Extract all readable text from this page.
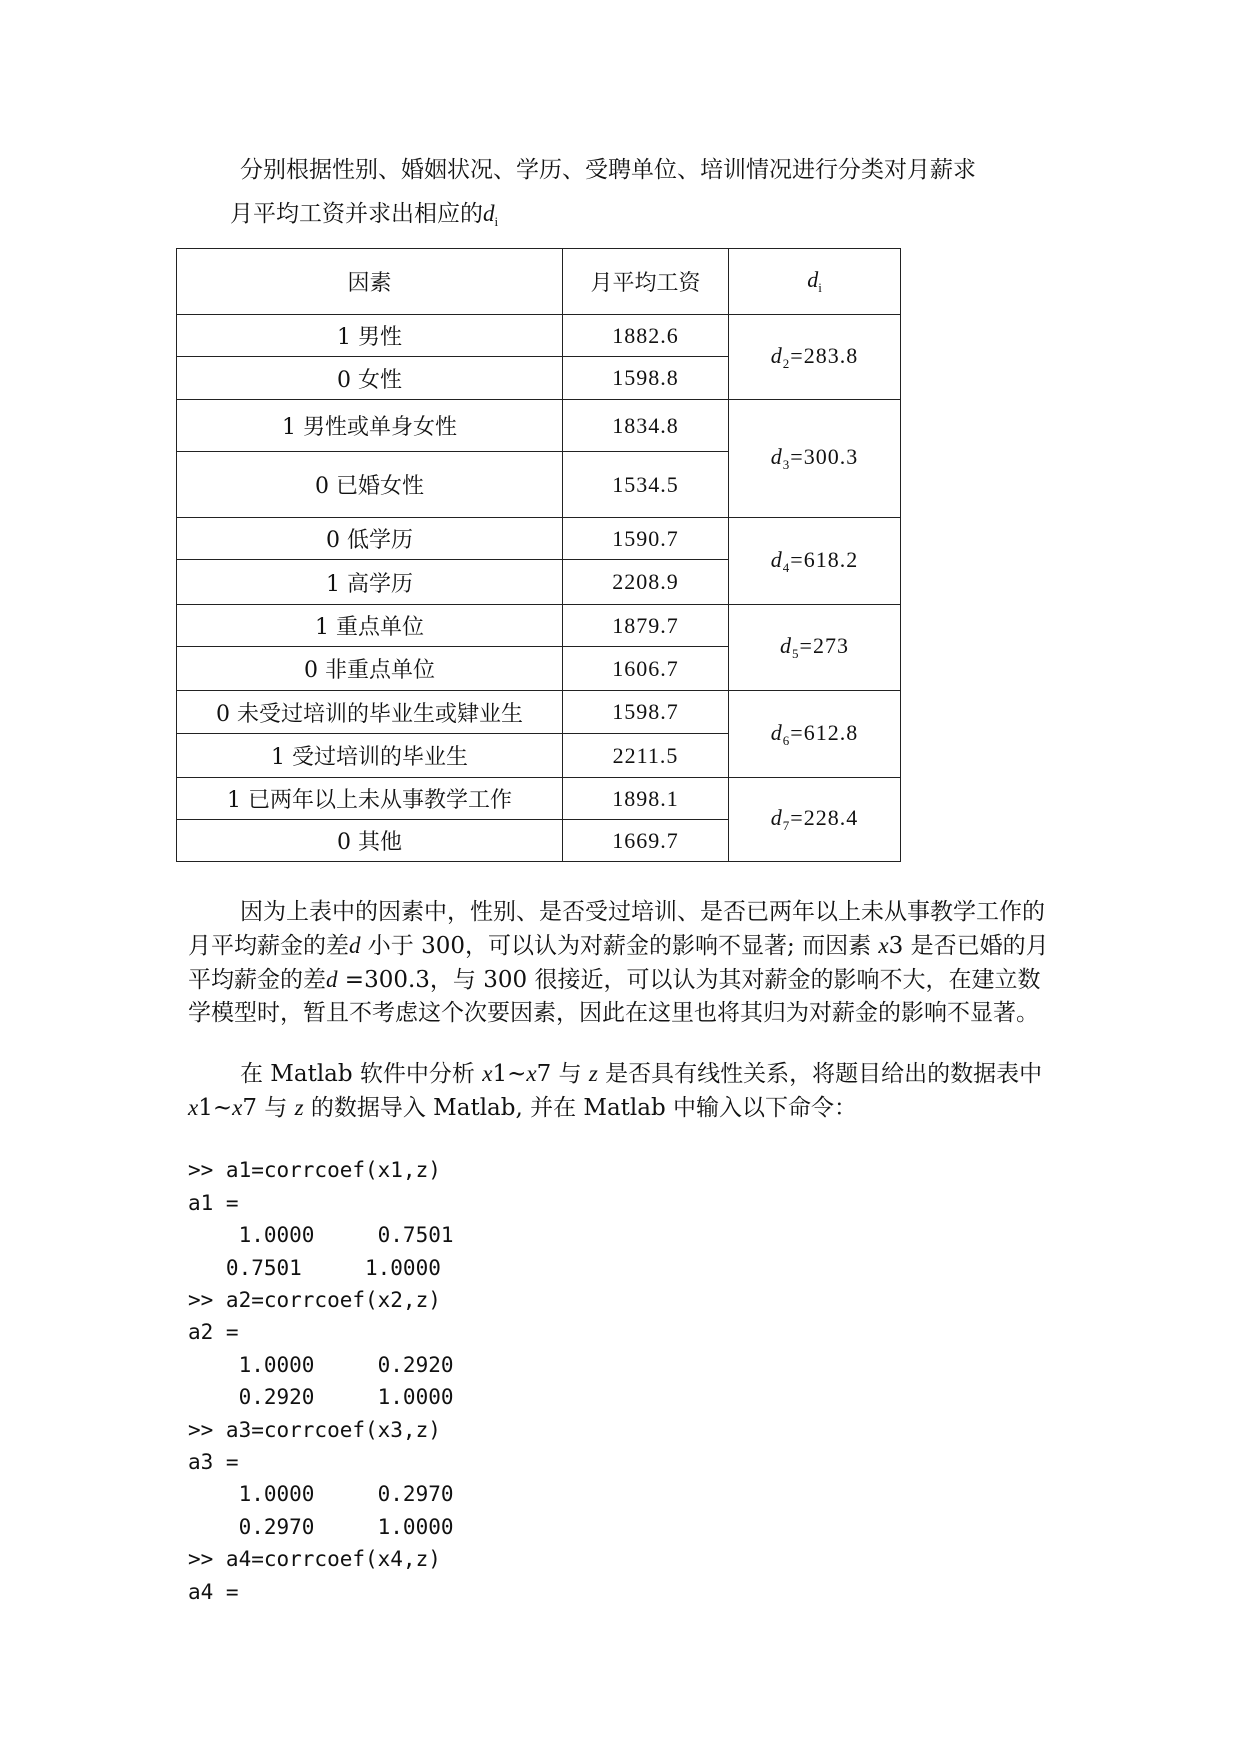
分别根据性别、婚姻状况、学历、受聘单位、培训情况进行分类对月薪求

月平均工资并求出相应的$d_i$

因素	月平均工资	$d_i$
1 男性	1882.6	$d_2=283.8$
0 女性	1598.8	
1 男性或单身女性	1834.8	$d_3=300.3$
0 已婚女性	1534.5	
0 低学历	1590.7	$d_4=618.2$
1 高学历	2208.9	
1 重点单位	1879.7	$d_5=273$
0 非重点单位	1606.7	
0 未受过培训的毕业生或肄业生	1598.7	$d_6=612.8$
1 受过培训的毕业生	2211.5	
1 已两年以上未从事教学工作	1898.1	$d_7=228.4$
0 其他	1669.7	

因为上表中的因素中，性别、是否受过培训、是否已两年以上未从事教学工作的月平均薪金的差d 小于 300，可以认为对薪金的影响不显著; 而因素 x3 是否已婚的月平均薪金的差d =300.3，与 300 很接近，可以认为其对薪金的影响不大，在建立数学模型时，暂且不考虑这个次要因素，因此在这里也将其归为对薪金的影响不显著。

在 Matlab 软件中分析 x1~x7 与 z 是否具有线性关系，将题目给出的数据表中x1~x7 与 z 的数据导入 Matlab, 并在 Matlab 中输入以下命令：

>> a1=corrcoef(x1,z)
a1 =
1.0000     0.7501
0.7501     1.0000
>> a2=corrcoef(x2,z)
a2 =
1.0000     0.2920
0.2920     1.0000
>> a3=corrcoef(x3,z)
a3 =
1.0000     0.2970
0.2970     1.0000
>> a4=corrcoef(x4,z)
a4 =
